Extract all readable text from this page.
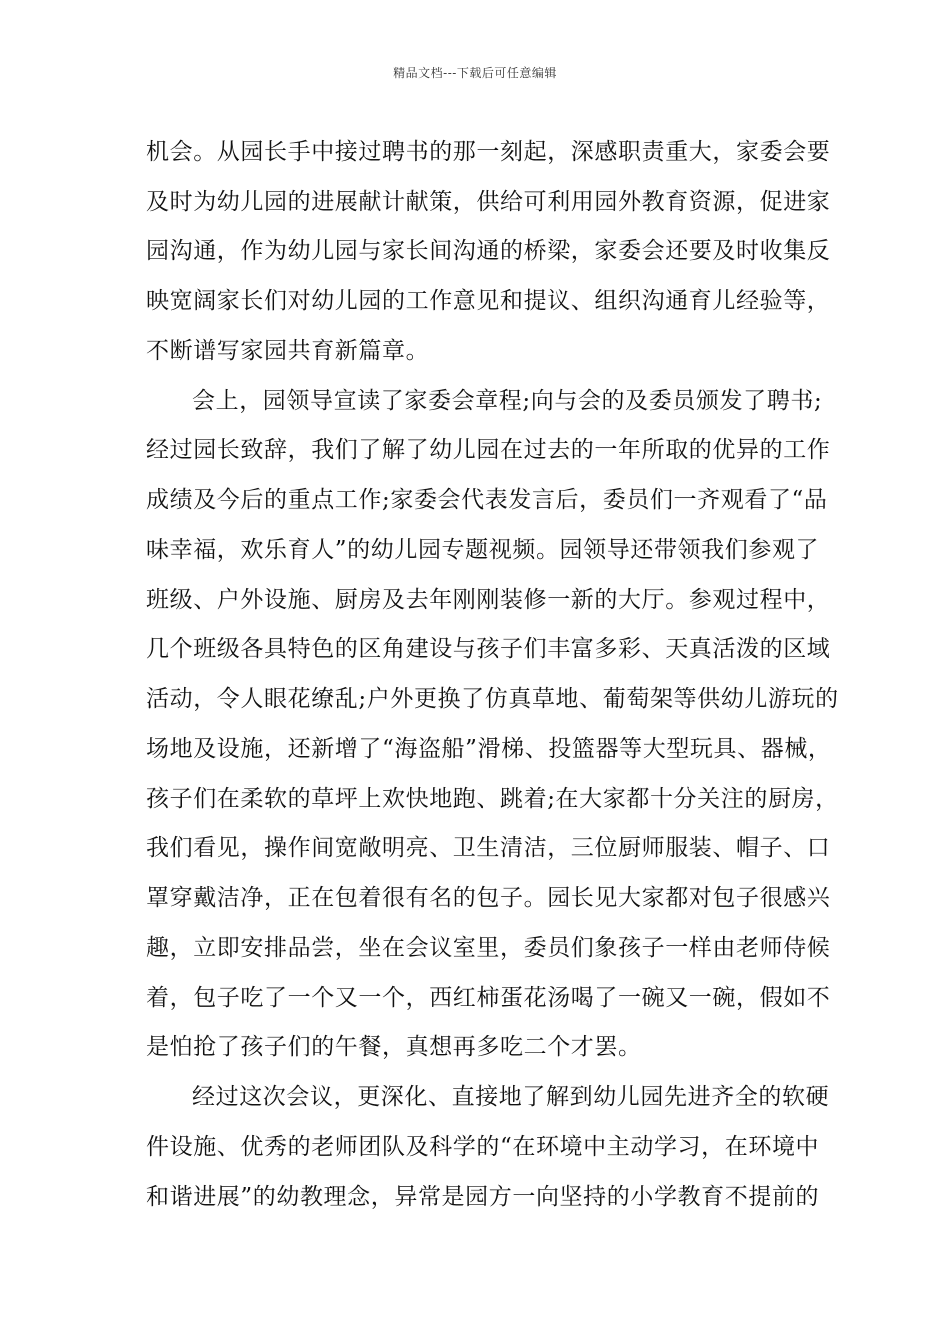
精品文档---下载后可任意编辑
机会。从园长手中接过聘书的那一刻起，深感职责重大，家委会要
及时为幼儿园的进展献计献策，供给可利用园外教育资源，促进家
园沟通，作为幼儿园与家长间沟通的桥梁，家委会还要及时收集反
映宽阔家长们对幼儿园的工作意见和提议、组织沟通育儿经验等，
不断谱写家园共育新篇章。
会上，园领导宣读了家委会章程;向与会的及委员颁发了聘书;
经过园长致辞，我们了解了幼儿园在过去的一年所取的优异的工作
成绩及今后的重点工作;家委会代表发言后，委员们一齐观看了“品
味幸福，欢乐育人”的幼儿园专题视频。园领导还带领我们参观了
班级、户外设施、厨房及去年刚刚装修一新的大厅。参观过程中，
几个班级各具特色的区角建设与孩子们丰富多彩、天真活泼的区域
活动，令人眼花缭乱;户外更换了仿真草地、葡萄架等供幼儿游玩的
场地及设施，还新增了“海盗船”滑梯、投篮器等大型玩具、器械，
孩子们在柔软的草坪上欢快地跑、跳着;在大家都十分关注的厨房，
我们看见，操作间宽敞明亮、卫生清洁，三位厨师服装、帽子、口
罩穿戴洁净，正在包着很有名的包子。园长见大家都对包子很感兴
趣，立即安排品尝，坐在会议室里，委员们象孩子一样由老师侍候
着，包子吃了一个又一个，西红柿蛋花汤喝了一碗又一碗，假如不
是怕抢了孩子们的午餐，真想再多吃二个才罢。
经过这次会议，更深化、直接地了解到幼儿园先进齐全的软硬
件设施、优秀的老师团队及科学的“在环境中主动学习，在环境中
和谐进展”的幼教理念，异常是园方一向坚持的小学教育不提前的
